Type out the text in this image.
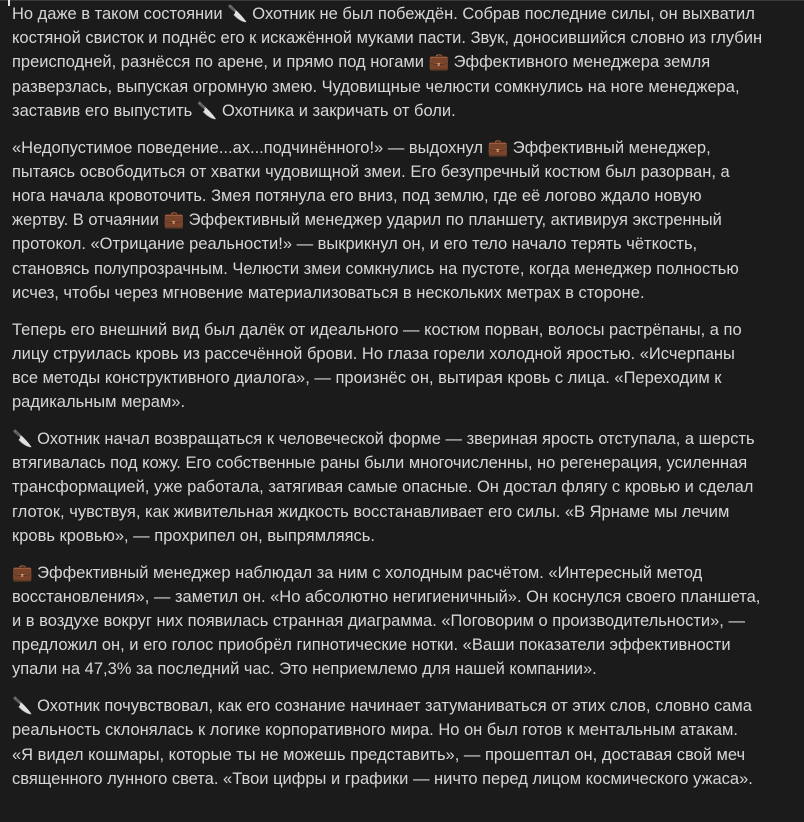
Но даже в таком состоянии 🔪 Охотник не был побеждён. Собрав последние силы, он выхватил
костяной свисток и поднёс его к искажённой муками пасти. Звук, доносившийся словно из глубин
преисподней, разнёсся по арене, и прямо под ногами 💼 Эффективного менеджера земля
разверзлась, выпуская огромную змею. Чудовищные челюсти сомкнулись на ноге менеджера,
заставив его выпустить 🔪 Охотника и закричать от боли.

«Недопустимое поведение...ах...подчинённого!» — выдохнул 💼 Эффективный менеджер,
пытаясь освободиться от хватки чудовищной змеи. Его безупречный костюм был разорван, а
нога начала кровоточить. Змея потянула его вниз, под землю, где её логово ждало новую
жертву. В отчаянии 💼 Эффективный менеджер ударил по планшету, активируя экстренный
протокол. «Отрицание реальности!» — выкрикнул он, и его тело начало терять чёткость,
становясь полупрозрачным. Челюсти змеи сомкнулись на пустоте, когда менеджер полностью
исчез, чтобы через мгновение материализоваться в нескольких метрах в стороне.

Теперь его внешний вид был далёк от идеального — костюм порван, волосы растрёпаны, а по
лицу струилась кровь из рассечённой брови. Но глаза горели холодной яростью. «Исчерпаны
все методы конструктивного диалога», — произнёс он, вытирая кровь с лица. «Переходим к
радикальным мерам».

🔪 Охотник начал возвращаться к человеческой форме — звериная ярость отступала, а шерсть
втягивалась под кожу. Его собственные раны были многочисленны, но регенерация, усиленная
трансформацией, уже работала, затягивая самые опасные. Он достал флягу с кровью и сделал
глоток, чувствуя, как живительная жидкость восстанавливает его силы. «В Ярнаме мы лечим
кровь кровью», — прохрипел он, выпрямляясь.

💼 Эффективный менеджер наблюдал за ним с холодным расчётом. «Интересный метод
восстановления», — заметил он. «Но абсолютно негигиеничный». Он коснулся своего планшета,
и в воздухе вокруг них появилась странная диаграмма. «Поговорим о производительности», —
предложил он, и его голос приобрёл гипнотические нотки. «Ваши показатели эффективности
упали на 47,3% за последний час. Это неприемлемо для нашей компании».

🔪 Охотник почувствовал, как его сознание начинает затуманиваться от этих слов, словно сама
реальность склонялась к логике корпоративного мира. Но он был готов к ментальным атакам.
«Я видел кошмары, которые ты не можешь представить», — прошептал он, доставая свой меч
священного лунного света. «Твои цифры и графики — ничто перед лицом космического ужаса».
